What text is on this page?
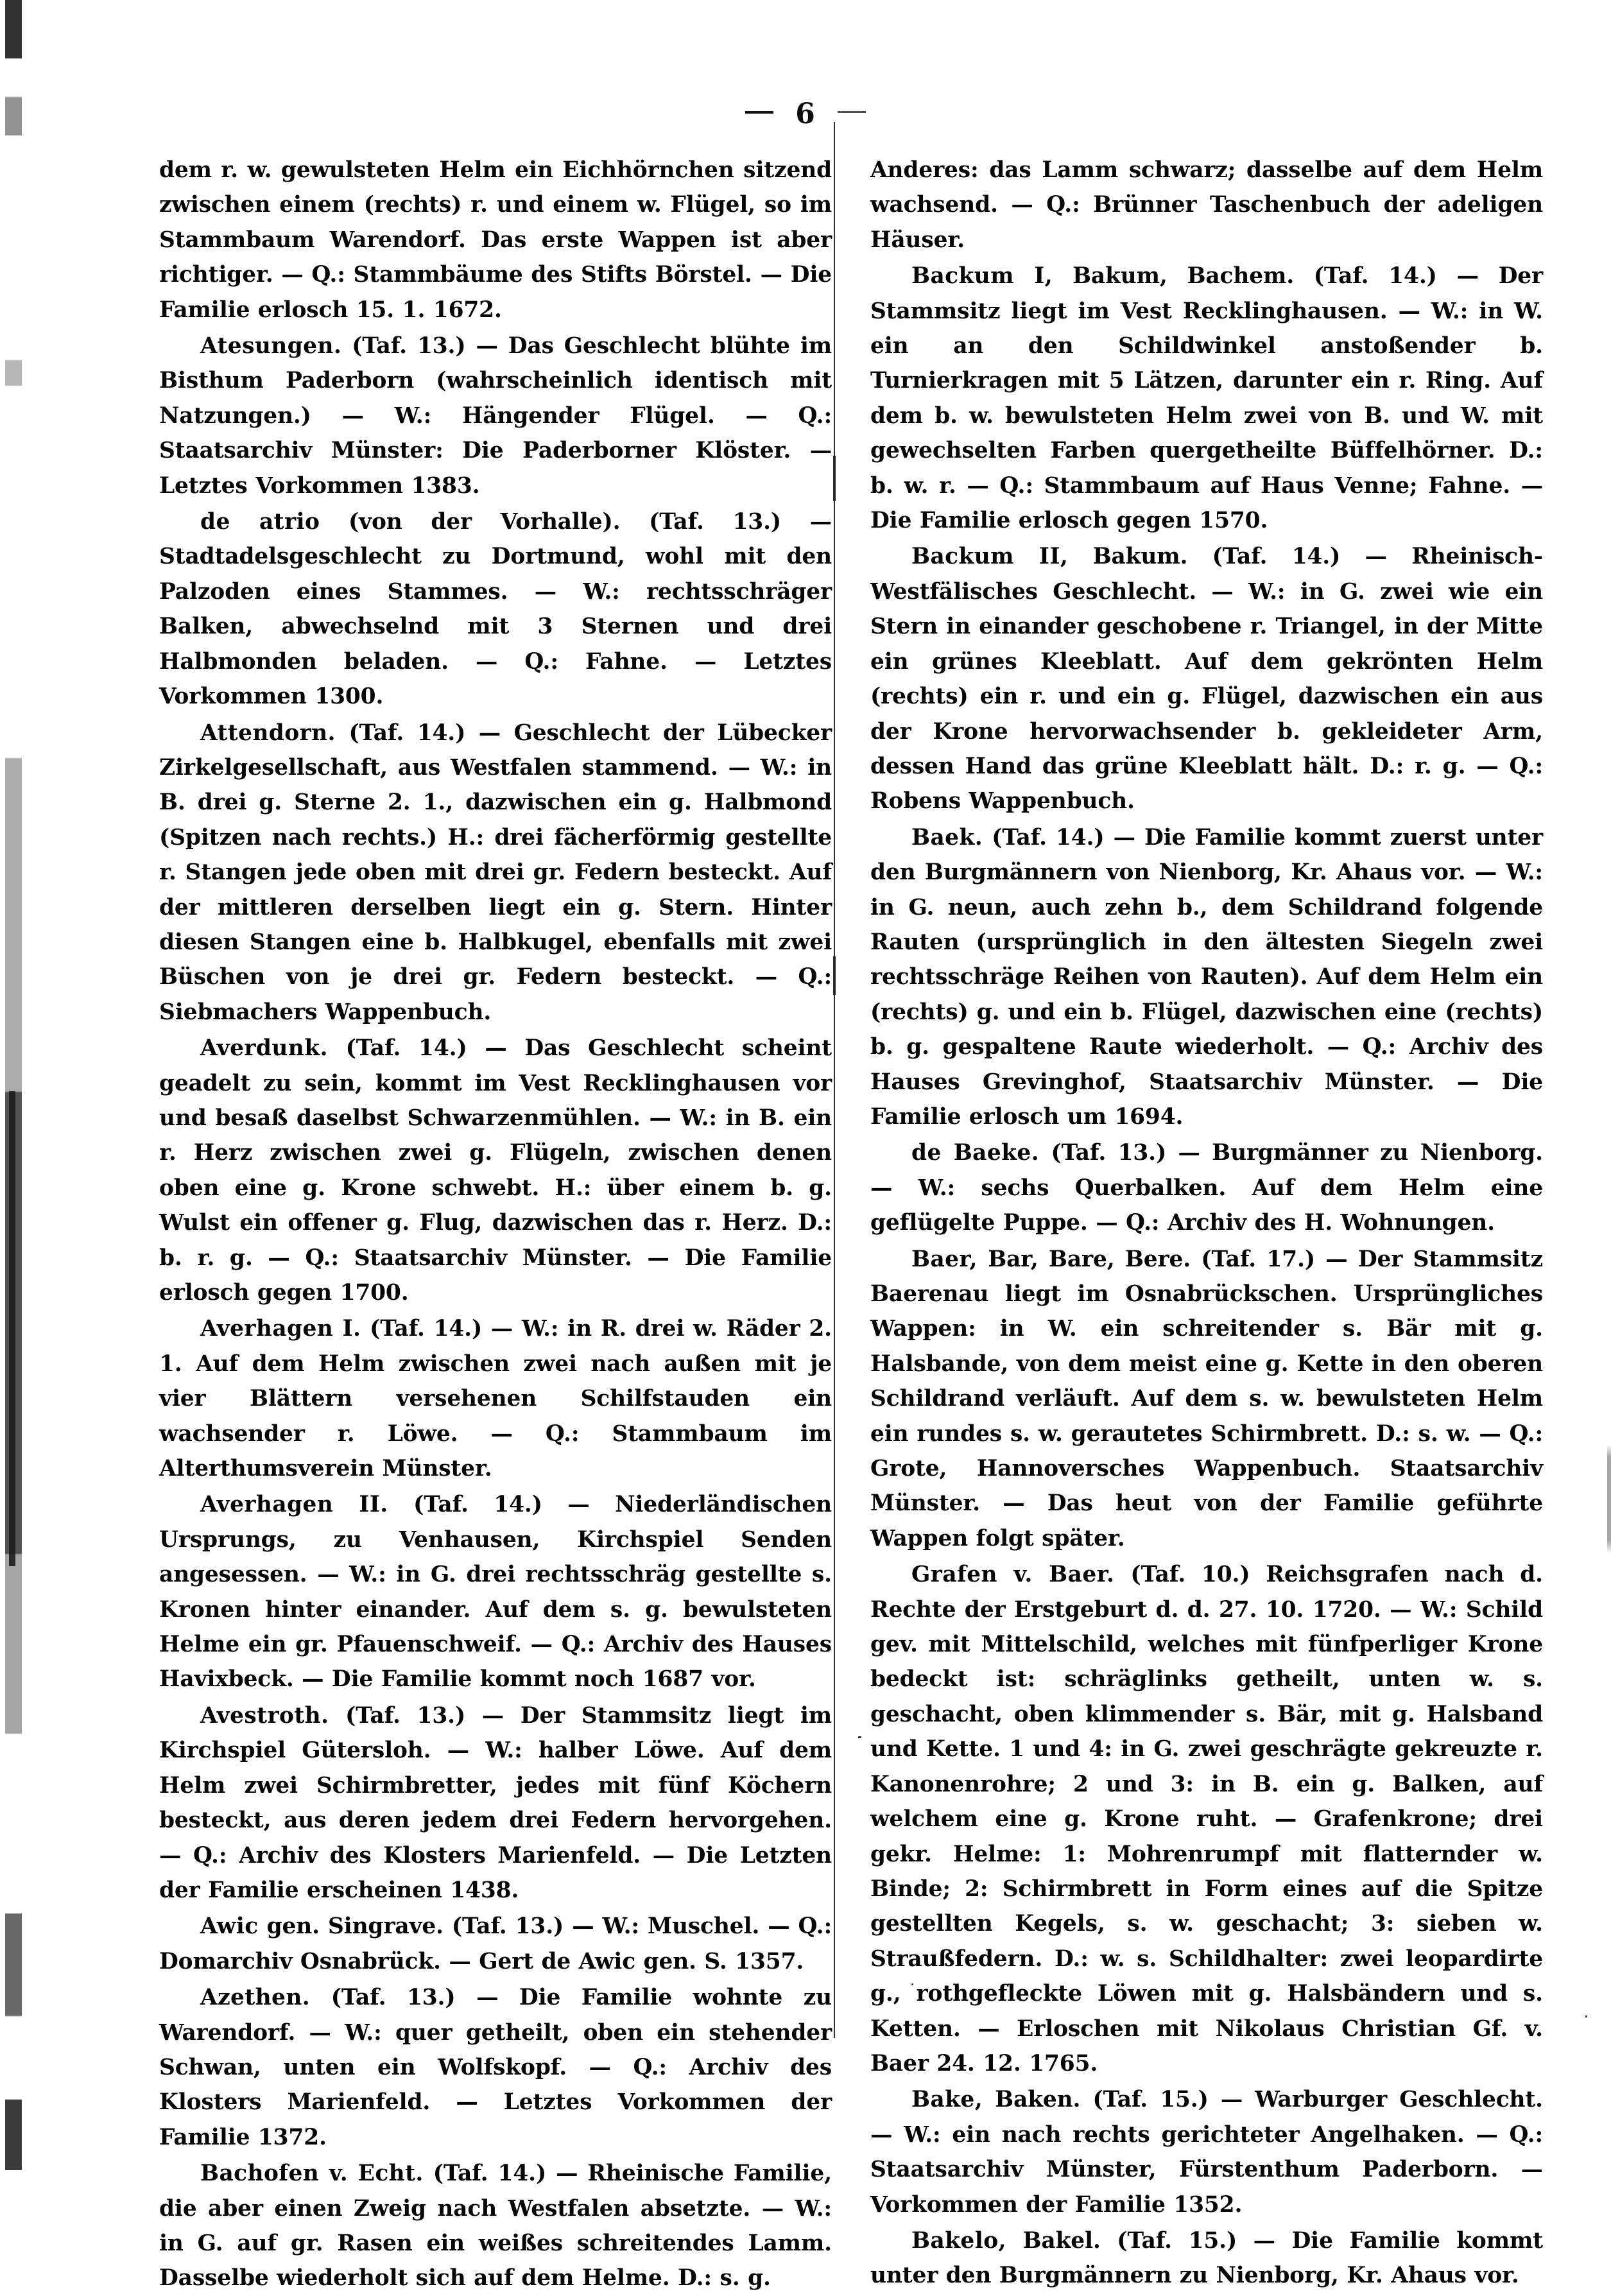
6

dem r. w. gewulsteten Helm ein Eichhörnchen sitzend zwischen einem (rechts) r. und einem w. Flügel, so im Stammbaum Warendorf. Das erste Wappen ist aber richtiger. — Q.: Stammbäume des Stifts Börstel. — Die Familie erlosch 15. 1. 1672.

Atesungen. (Taf. 13.) — Das Geschlecht blühte im Bisthum Paderborn (wahrscheinlich identisch mit Natzungen.) — W.: Hängender Flügel. — Q.: Staatsarchiv Münster: Die Paderborner Klöster. — Letztes Vorkommen 1383.

de atrio (von der Vorhalle). (Taf. 13.) — Stadtadelsgeschlecht zu Dortmund, wohl mit den Palzoden eines Stammes. — W.: rechtsschräger Balken, abwechselnd mit 3 Sternen und drei Halbmonden beladen. — Q.: Fahne. — Letztes Vorkommen 1300.

Attendorn. (Taf. 14.) — Geschlecht der Lübecker Zirkelgesellschaft, aus Westfalen stammend. — W.: in B. drei g. Sterne 2. 1., dazwischen ein g. Halbmond (Spitzen nach rechts.) H.: drei fächerförmig gestellte r. Stangen jede oben mit drei gr. Federn besteckt. Auf der mittleren derselben liegt ein g. Stern. Hinter diesen Stangen eine b. Halbkugel, ebenfalls mit zwei Büschen von je drei gr. Federn besteckt. — Q.: Siebmachers Wappenbuch.

Averdunk. (Taf. 14.) — Das Geschlecht scheint geadelt zu sein, kommt im Vest Recklinghausen vor und besaß daselbst Schwarzenmühlen. — W.: in B. ein r. Herz zwischen zwei g. Flügeln, zwischen denen oben eine g. Krone schwebt. H.: über einem b. g. Wulst ein offener g. Flug, dazwischen das r. Herz. D.: b. r. g. — Q.: Staatsarchiv Münster. — Die Familie erlosch gegen 1700.

Averhagen I. (Taf. 14.) — W.: in R. drei w. Räder 2. 1. Auf dem Helm zwischen zwei nach außen mit je vier Blättern versehenen Schilfstauden ein wachsender r. Löwe. — Q.: Stammbaum im Alterthumsverein Münster.

Averhagen II. (Taf. 14.) — Niederländischen Ursprungs, zu Venhausen, Kirchspiel Senden angesessen. — W.: in G. drei rechtsschräg gestellte s. Kronen hinter einander. Auf dem s. g. bewulsteten Helme ein gr. Pfauenschweif. — Q.: Archiv des Hauses Havixbeck. — Die Familie kommt noch 1687 vor.

Avestroth. (Taf. 13.) — Der Stammsitz liegt im Kirchspiel Gütersloh. — W.: halber Löwe. Auf dem Helm zwei Schirmbretter, jedes mit fünf Köchern besteckt, aus deren jedem drei Federn hervorgehen. — Q.: Archiv des Klosters Marienfeld. — Die Letzten der Familie erscheinen 1438.

Awic gen. Singrave. (Taf. 13.) — W.: Muschel. — Q.: Domarchiv Osnabrück. — Gert de Awic gen. S. 1357.

Azethen. (Taf. 13.) — Die Familie wohnte zu Warendorf. — W.: quer getheilt, oben ein stehender Schwan, unten ein Wolfskopf. — Q.: Archiv des Klosters Marienfeld. — Letztes Vorkommen der Familie 1372.

Bachofen v. Echt. (Taf. 14.) — Rheinische Familie, die aber einen Zweig nach Westfalen absetzte. — W.: in G. auf gr. Rasen ein weißes schreitendes Lamm. Dasselbe wiederholt sich auf dem Helme. D.: s. g.

Anderes: das Lamm schwarz; dasselbe auf dem Helm wachsend. — Q.: Brünner Taschenbuch der adeligen Häuser.

Backum I, Bakum, Bachem. (Taf. 14.) — Der Stammsitz liegt im Vest Recklinghausen. — W.: in W. ein an den Schildwinkel anstoßender b. Turnierkragen mit 5 Lätzen, darunter ein r. Ring. Auf dem b. w. bewulsteten Helm zwei von B. und W. mit gewechselten Farben quergetheilte Büffelhörner. D.: b. w. r. — Q.: Stammbaum auf Haus Venne; Fahne. — Die Familie erlosch gegen 1570.

Backum II, Bakum. (Taf. 14.) — Rheinisch-Westfälisches Geschlecht. — W.: in G. zwei wie ein Stern in einander geschobene r. Triangel, in der Mitte ein grünes Kleeblatt. Auf dem gekrönten Helm (rechts) ein r. und ein g. Flügel, dazwischen ein aus der Krone hervorwachsender b. gekleideter Arm, dessen Hand das grüne Kleeblatt hält. D.: r. g. — Q.: Robens Wappenbuch.

Baek. (Taf. 14.) — Die Familie kommt zuerst unter den Burgmännern von Nienborg, Kr. Ahaus vor. — W.: in G. neun, auch zehn b., dem Schildrand folgende Rauten (ursprünglich in den ältesten Siegeln zwei rechtsschräge Reihen von Rauten). Auf dem Helm ein (rechts) g. und ein b. Flügel, dazwischen eine (rechts) b. g. gespaltene Raute wiederholt. — Q.: Archiv des Hauses Grevinghof, Staatsarchiv Münster. — Die Familie erlosch um 1694.

de Baeke. (Taf. 13.) — Burgmänner zu Nienborg. — W.: sechs Querbalken. Auf dem Helm eine geflügelte Puppe. — Q.: Archiv des H. Wohnungen.

Baer, Bar, Bare, Bere. (Taf. 17.) — Der Stammsitz Baerenau liegt im Osnabrückschen. Ursprüngliches Wappen: in W. ein schreitender s. Bär mit g. Halsbande, von dem meist eine g. Kette in den oberen Schildrand verläuft. Auf dem s. w. bewulsteten Helm ein rundes s. w. gerautetes Schirmbrett. D.: s. w. — Q.: Grote, Hannoversches Wappenbuch. Staatsarchiv Münster. — Das heut von der Familie geführte Wappen folgt später.

Grafen v. Baer. (Taf. 10.) Reichsgrafen nach d. Rechte der Erstgeburt d. d. 27. 10. 1720. — W.: Schild gev. mit Mittelschild, welches mit fünfperliger Krone bedeckt ist: schräglinks getheilt, unten w. s. geschacht, oben klimmender s. Bär, mit g. Halsband und Kette. 1 und 4: in G. zwei geschrägte gekreuzte r. Kanonenrohre; 2 und 3: in B. ein g. Balken, auf welchem eine g. Krone ruht. — Grafenkrone; drei gekr. Helme: 1: Mohrenrumpf mit flatternder w. Binde; 2: Schirmbrett in Form eines auf die Spitze gestellten Kegels, s. w. geschacht; 3: sieben w. Straußfedern. D.: w. s. Schildhalter: zwei leopardirte g., rothgefleckte Löwen mit g. Halsbändern und s. Ketten. — Erloschen mit Nikolaus Christian Gf. v. Baer 24. 12. 1765.

Bake, Baken. (Taf. 15.) — Warburger Geschlecht. — W.: ein nach rechts gerichteter Angelhaken. — Q.: Staatsarchiv Münster, Fürstenthum Paderborn. — Vorkommen der Familie 1352.

Bakelo, Bakel. (Taf. 15.) — Die Familie kommt unter den Burgmännern zu Nienborg, Kr. Ahaus vor.
